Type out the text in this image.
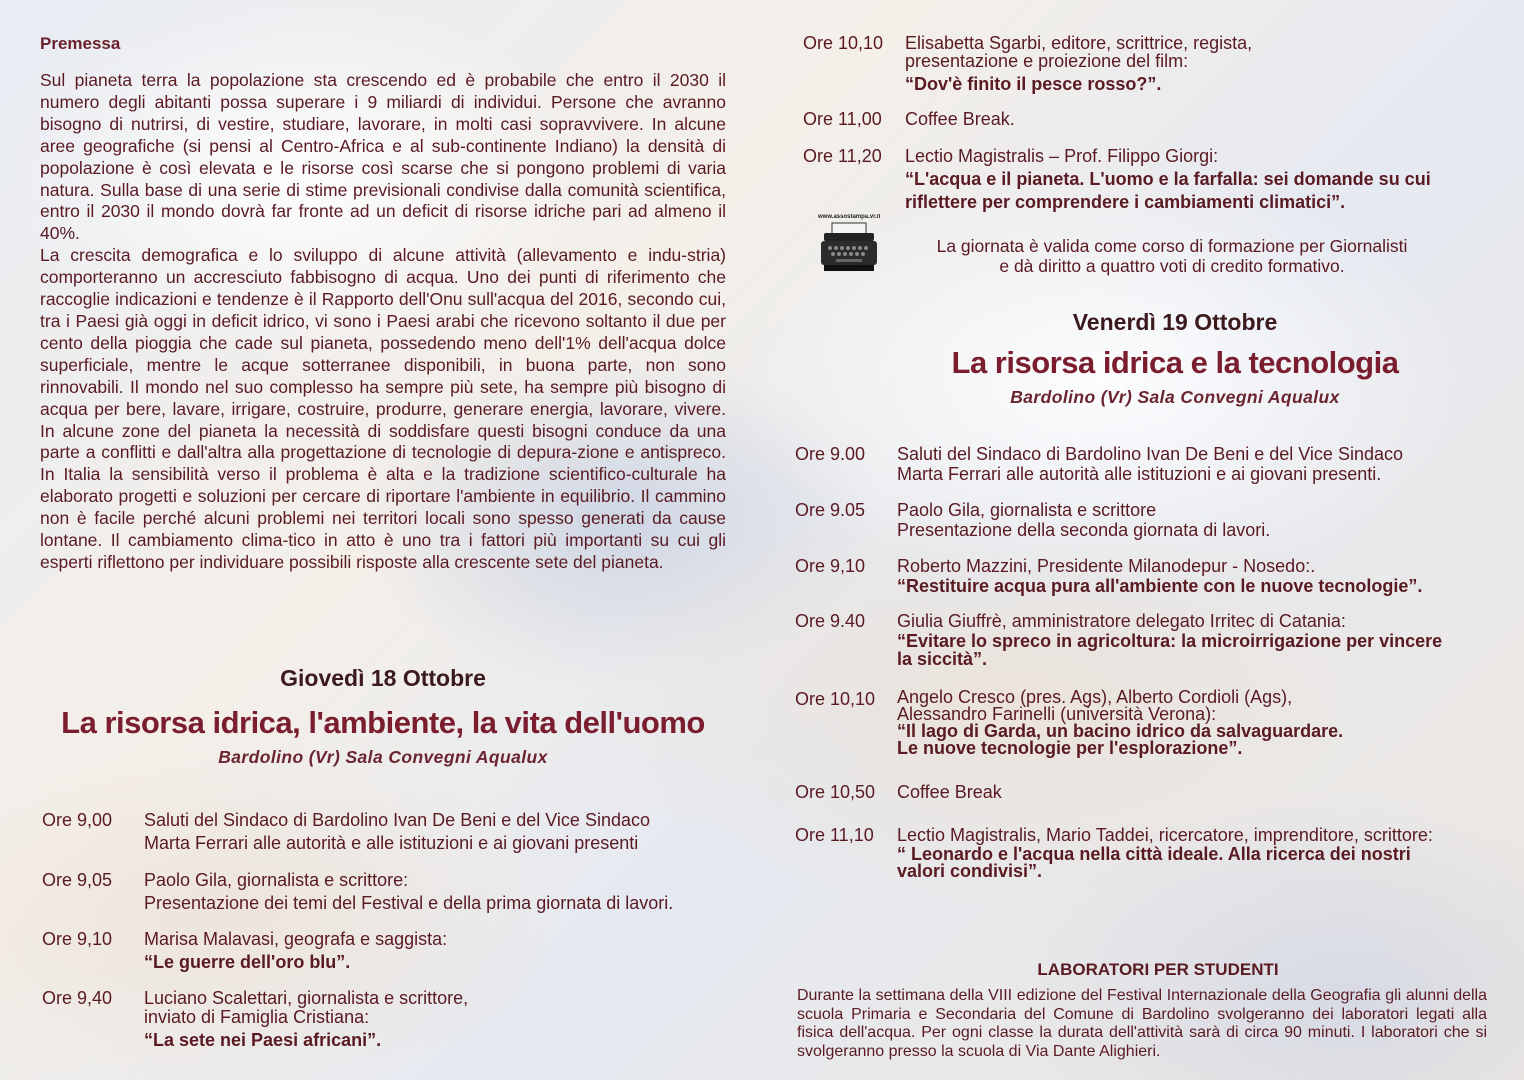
Premessa

Sul pianeta terra la popolazione sta crescendo ed è probabile che entro il 2030 il numero degli abitanti possa superare i 9 miliardi di individui. Persone che avranno bisogno di nutrirsi, di vestire, studiare, lavorare, in molti casi sopravvivere. In alcune aree geografiche (si pensi al Centro-Africa e al sub-continente Indiano) la densità di popolazione è così elevata e le risorse così scarse che si pongono problemi di varia natura. Sulla base di una serie di stime previsionali condivise dalla comunità scientifica, entro il 2030 il mondo dovrà far fronte ad un deficit di risorse idriche pari ad almeno il 40%.

La crescita demografica e lo sviluppo di alcune attività (allevamento e indu-stria) comporteranno un accresciuto fabbisogno di acqua. Uno dei punti di riferimento che raccoglie indicazioni e tendenze è il Rapporto dell'Onu sull'acqua del 2016, secondo cui, tra i Paesi già oggi in deficit idrico, vi sono i Paesi arabi che ricevono soltanto il due per cento della pioggia che cade sul pianeta, possedendo meno dell'1% dell'acqua dolce superficiale, mentre le acque sotterranee disponibili, in buona parte, non sono rinnovabili. Il mondo nel suo complesso ha sempre più sete, ha sempre più bisogno di acqua per bere, lavare, irrigare, costruire, produrre, generare energia, lavorare, vivere. In alcune zone del pianeta la necessità di soddisfare questi bisogni conduce da una parte a conflitti e dall'altra alla progettazione di tecnologie di depura-zione e antispreco. In Italia la sensibilità verso il problema è alta e la tradizione scientifico-culturale ha elaborato progetti e soluzioni per cercare di riportare l'ambiente in equilibrio. Il cammino non è facile perché alcuni problemi nei territori locali sono spesso generati da cause lontane. Il cambiamento clima-tico in atto è uno tra i fattori più importanti su cui gli esperti riflettono per individuare possibili risposte alla crescente sete del pianeta.

Giovedì 18 Ottobre
La risorsa idrica, l'ambiente, la vita dell'uomo
Bardolino (Vr) Sala Convegni Aqualux
Ore 9,00	Saluti del Sindaco di Bardolino Ivan De Beni e del Vice Sindaco
Marta Ferrari alle autorità e alle istituzioni e ai giovani presenti
Ore 9,05	Paolo Gila, giornalista e scrittore:
Presentazione dei temi del Festival e della prima giornata di lavori.
Ore 9,10	Marisa Malavasi, geografa e saggista:
“Le guerre dell'oro blu”.
Ore 9,40	Luciano Scalettari, giornalista e scrittore,
inviato di Famiglia Cristiana:
“La sete nei Paesi africani”.
Ore 10,10	Elisabetta Sgarbi, editore, scrittrice, regista,
presentazione e proiezione del film:
“Dov'è finito il pesce rosso?”.
Ore 11,00	Coffee Break.
Ore 11,20	Lectio Magistralis – Prof. Filippo Giorgi:
“L'acqua e il pianeta. L'uomo e la farfalla: sei domande su cui
riflettere per comprendere i cambiamenti climatici”.
www.assostampa.vr.it
La giornata è valida come corso di formazione per Giornalisti
e dà diritto a quattro voti di credito formativo.
Venerdì 19 Ottobre
La risorsa idrica e la tecnologia
Bardolino (Vr) Sala Convegni Aqualux
Ore 9.00	Saluti del Sindaco di Bardolino Ivan De Beni e del Vice Sindaco
Marta Ferrari alle autorità alle istituzioni e ai giovani presenti.
Ore 9.05	Paolo Gila, giornalista e scrittore
Presentazione della seconda giornata di lavori.
Ore 9,10	Roberto Mazzini, Presidente Milanodepur - Nosedo:.
“Restituire acqua pura all'ambiente con le nuove tecnologie”.
Ore 9.40	Giulia Giuffrè, amministratore delegato Irritec di Catania:
“Evitare lo spreco in agricoltura: la microirrigazione per vincere
la siccità”.
Ore 10,10	Angelo Cresco (pres. Ags), Alberto Cordioli (Ags),
Alessandro Farinelli (università Verona):
“Il lago di Garda, un bacino idrico da salvaguardare.
Le nuove tecnologie per l'esplorazione”.
Ore 10,50	Coffee Break
Ore 11,10	Lectio Magistralis, Mario Taddei, ricercatore, imprenditore, scrittore:
“ Leonardo e l'acqua nella città ideale. Alla ricerca dei nostri
valori condivisi”.
LABORATORI PER STUDENTI
Durante la settimana della VIII edizione del Festival Internazionale della Geografia gli alunni della scuola Primaria e Secondaria del Comune di Bardolino svolgeranno dei laboratori legati alla fisica dell'acqua. Per ogni classe la durata dell'attività sarà di circa 90 minuti. I laboratori che si svolgeranno presso la scuola di Via Dante Alighieri.
